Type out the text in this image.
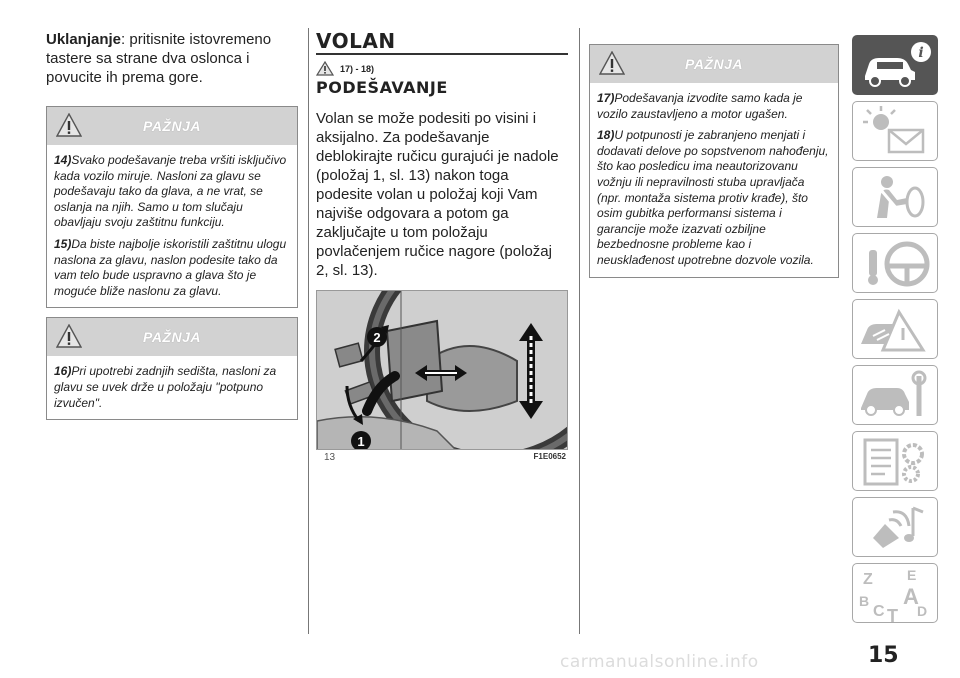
Uklanjanje: pritisnite istovremeno tastere sa strane dva oslonca i povucite ih prema gore.

PAŽNJA

14)Svako podešavanje treba vršiti isključivo kada vozilo miruje. Nasloni za glavu se podešavaju tako da glava, a ne vrat, se oslanja na njih. Samo u tom slučaju obavljaju svoju zaštitnu funkciju.

15)Da biste najbolje iskoristili zaštitnu ulogu naslona za glavu, naslon podesite tako da vam telo bude uspravno a glava što je moguće bliže naslonu za glavu.

PAŽNJA

16)Pri upotrebi zadnjih sedišta, nasloni za glavu se uvek drže u položaju "potpuno izvučen".

VOLAN
17) - 18)
PODEŠAVANJE

Volan se može podesiti po visini i aksijalno. Za podešavanje deblokirajte ručicu gurajući je nadole (položaj 1, sl. 13) nakon toga podesite volan u položaj koji Vam najviše odgovara a potom ga zaključajte u tom položaju povlačenjem ručice nagore (položaj 2, sl. 13).

2
1
13	F1E0652
PAŽNJA

17)Podešavanja izvodite samo kada je vozilo zaustavljeno a motor ugašen.

18)U potpunosti je zabranjeno menjati i dodavati delove po sopstvenom nahođenju, što kao posledicu ima neautorizovanu vožnju ili nepravilnosti stuba upravljača (npr. montaža sistema protiv krađe), što osim gubitka performansi sistema i garancije može izazvati ozbiljne bezbednosne probleme kao i neusklađenost upotrebne dozvole vozila.

i
Z E
B A
C D
T
15
carmanualsonline.info
